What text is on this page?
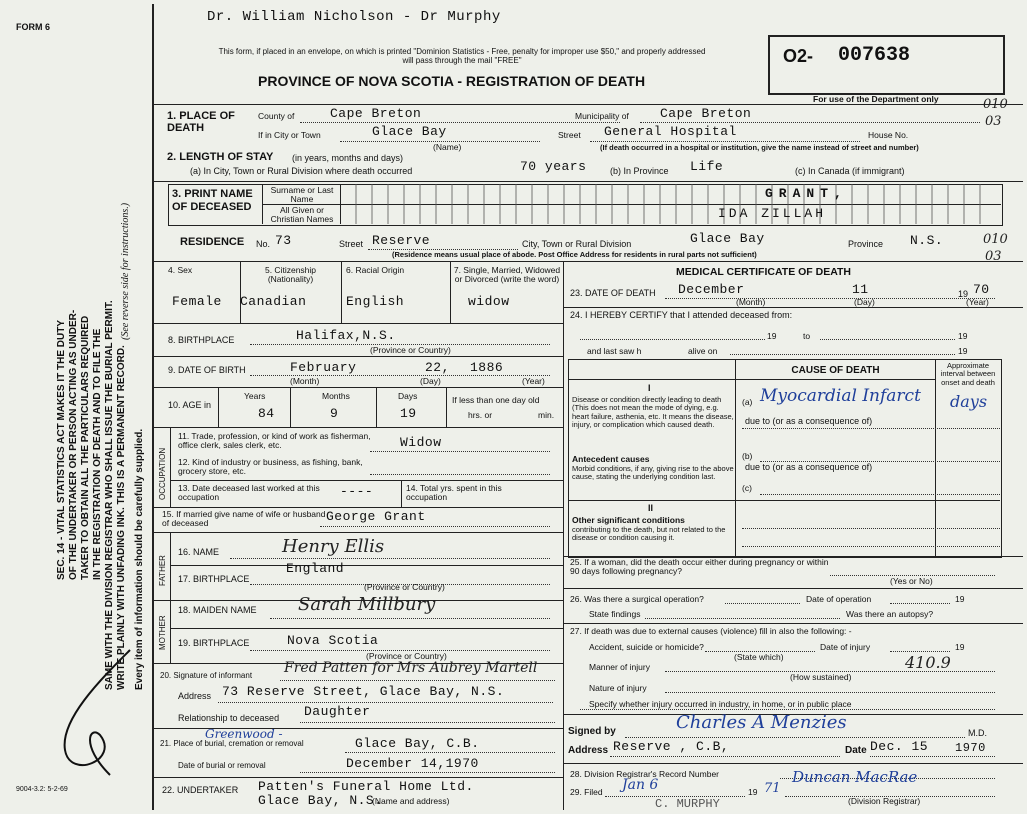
FORM 6
SEC. 14 - VITAL STATISTICS ACT MAKES IT THE DUTY OF THE UNDERTAKER OR PERSON ACTING AS UNDER- TAKER TO OBTAIN ALL THE PARTICULARS REQUIRED IN THE REGISTRATION OF DEATH AND TO FILE THE SAME WITH THE DIVISION REGISTRAR WHO SHALL ISSUE THE BURIAL PERMIT. WRITE PLAINLY WITH UNFADING INK. THIS IS A PERMANENT RECORD.
(See reverse side for instructions.)
Every item of information should be carefully supplied.
9004-3.2: 5-2-69
Dr. William Nicholson - Dr Murphy
This form, if placed in an envelope, on which is printed "Dominion Statistics - Free, penalty for improper use $50," and properly addressed will pass through the mail "FREE"
PROVINCE OF NOVA SCOTIA - REGISTRATION OF DEATH
O2- 007638
For use of the Department only	010
03
1. PLACE OF DEATH
County of	Cape Breton	Municipality of Cape Breton
If in City or Town	Glace Bay
(Name)
Street General Hospital	House No.
(If death occurred in a hospital or institution, give the name instead of street and number)
2. LENGTH OF STAY (in years, months and days)
(a) In City, Town or Rural Division where death occurred	70 years	(b) In Province Life	(c) In Canada (if immigrant)
3. PRINT NAME OF DECEASED
Surname or Last Name
All Given or Christian Names
GRANT,
IDA ZILLAH
RESIDENCE No. 73	Street Reserve	City, Town or Rural Division	Glace Bay	Province N.S.	010
03
(Residence means usual place of abode. Post Office Address for residents in rural parts not sufficient)
4. Sex	5. Citizenship (Nationality)
6. Racial Origin	7. Single, Married, Widowed or Divorced (write the word)
Female Canadian	English	widow
8. BIRTHPLACE	Halifax,N.S.
(Province or Country)
9. DATE OF BIRTH	February	22, 1886
(Month)	(Day)	(Year)
10. AGE in
Years	Months	Days
84	9	19
If less than one day old
hrs. or	min.
OCCUPATION
11. Trade, profession, or kind of work as fisherman, office clerk, sales clerk, etc.	Widow
12. Kind of industry or business, as fishing, bank, grocery store, etc.
13. Date deceased last worked at this occupation	----	14. Total yrs. spent in this occupation
15. If married give name of wife or husband of deceased	George Grant
FATHER
16. NAME	Henry Ellis
17. BIRTHPLACE
England
(Province or Country)
MOTHER
18. MAIDEN NAME Sarah Millbury
19. BIRTHPLACE	Nova Scotia
(Province or Country)
20. Signature of informant Fred Patten for Mrs Aubrey Martell
Address 73 Reserve Street, Glace Bay, N.S.
Relationship to deceased Daughter
Greenwood -
21. Place of burial, cremation or removal	Glace Bay, C.B.
Date of burial or removal	December 14,1970
22. UNDERTAKER Patten's Funeral Home Ltd.
Glace Bay, N.S.
(Name and address)
MEDICAL CERTIFICATE OF DEATH
23. DATE OF DEATH December	11	19 70
(Month)	(Day)	(Year)
24. I HEREBY CERTIFY that I attended deceased from:
19	to	19
and last saw h	alive on	19
CAUSE OF DEATH	Approximate interval between onset and death
I
Disease or condition directly leading to death (This does not mean the mode of dying, e.g. heart failure, asthenia, etc. It means the disease, injury, or complication which caused death.
(a) Myocardial Infarct days
due to (or as a consequence of)
Antecedent causes
Morbid conditions, if any, giving rise to the above cause, stating the underlying condition last.
(b)
due to (or as a consequence of)
(c)
II
Other significant conditions
contributing to the death, but not related to the disease or condition causing it.
25. If a woman, did the death occur either during pregnancy or within 90 days following pregnancy?
(Yes or No)
26. Was there a surgical operation?	Date of operation	19
State findings	Was there an autopsy?
27. If death was due to external causes (violence) fill in also the following: -
Accident, suicide or homicide?
(State which)
Date of injury	19
Manner of injury	410.9
(How sustained)
Nature of injury
Specify whether injury occurred in industry, in home, or in public place
Signed by	Charles A Menzies	M.D.
Address Reserve , C.B,	Date Dec. 15 1970
28. Division Registrar's Record Number
29. Filed Jan 6	19 71
Duncan MacRae
(Division Registrar)
C. MURPHY
